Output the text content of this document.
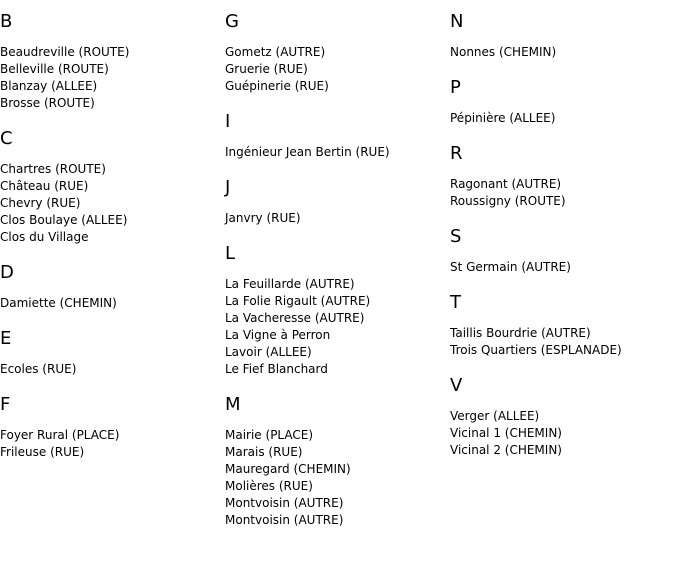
B
Beaudreville (ROUTE)
Belleville (ROUTE)
Blanzay (ALLEE)
Brosse (ROUTE)
C
Chartres (ROUTE)
Château (RUE)
Chevry (RUE)
Clos Boulaye (ALLEE)
Clos du Village
D
Damiette (CHEMIN)
E
Ecoles (RUE)
F
Foyer Rural (PLACE)
Frileuse (RUE)
G
Gometz (AUTRE)
Gruerie (RUE)
Guépinerie (RUE)
I
Ingénieur Jean Bertin (RUE)
J
Janvry (RUE)
L
La Feuillarde (AUTRE)
La Folie Rigault (AUTRE)
La Vacheresse (AUTRE)
La Vigne à Perron
Lavoir (ALLEE)
Le Fief Blanchard
M
Mairie (PLACE)
Marais (RUE)
Mauregard (CHEMIN)
Molières (RUE)
Montvoisin (AUTRE)
Montvoisin (AUTRE)
N
Nonnes (CHEMIN)
P
Pépinière (ALLEE)
R
Ragonant (AUTRE)
Roussigny (ROUTE)
S
St Germain (AUTRE)
T
Taillis Bourdrie (AUTRE)
Trois Quartiers (ESPLANADE)
V
Verger (ALLEE)
Vicinal 1 (CHEMIN)
Vicinal 2 (CHEMIN)
